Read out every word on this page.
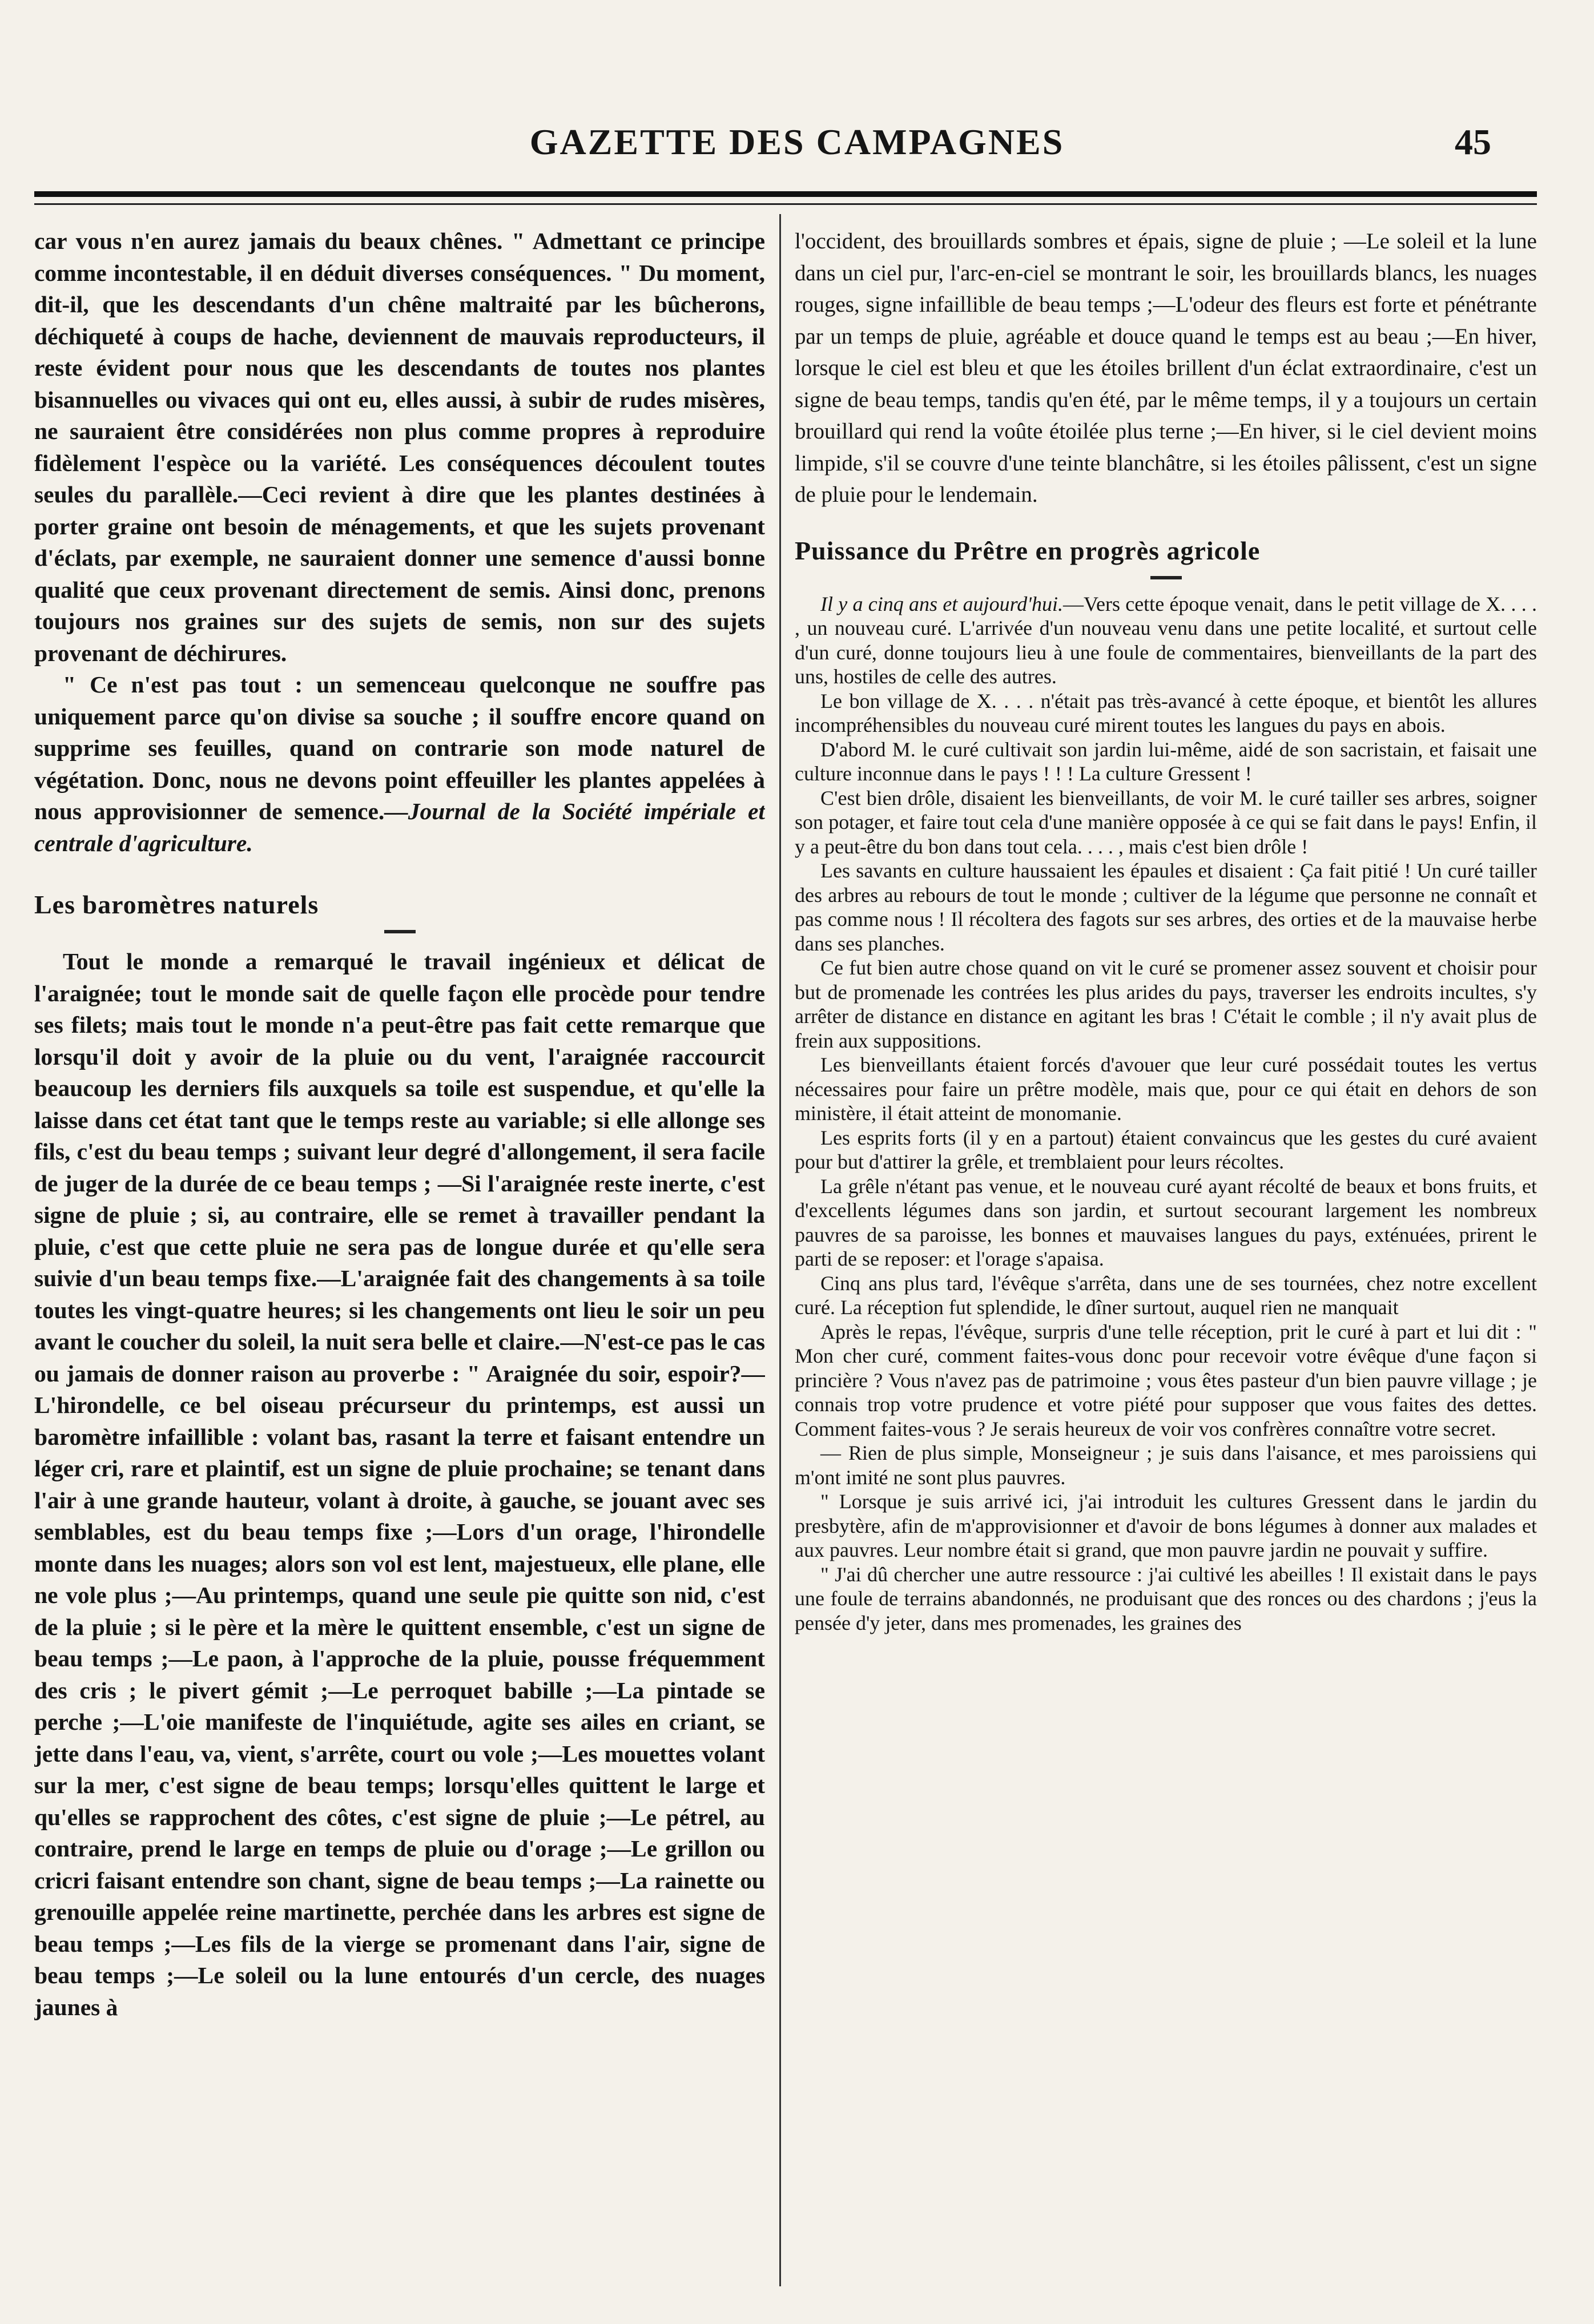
GAZETTE DES CAMPAGNES	45

car vous n'en aurez jamais du beaux chênes. " Admettant ce principe comme incontestable, il en déduit diverses conséquences. " Du moment, dit-il, que les descendants d'un chêne maltraité par les bûcherons, déchiqueté à coups de hache, deviennent de mauvais reproducteurs, il reste évident pour nous que les descendants de toutes nos plantes bisannuelles ou vivaces qui ont eu, elles aussi, à subir de rudes misères, ne sauraient être considérées non plus comme propres à reproduire fidèlement l'espèce ou la variété. Les conséquences découlent toutes seules du parallèle.—Ceci revient à dire que les plantes destinées à porter graine ont besoin de ménagements, et que les sujets provenant d'éclats, par exemple, ne sauraient donner une semence d'aussi bonne qualité que ceux provenant directement de semis. Ainsi donc, prenons toujours nos graines sur des sujets de semis, non sur des sujets provenant de déchirures.

" Ce n'est pas tout : un semenceau quelconque ne souffre pas uniquement parce qu'on divise sa souche ; il souffre encore quand on supprime ses feuilles, quand on contrarie son mode naturel de végétation. Donc, nous ne devons point effeuiller les plantes appelées à nous approvisionner de semence.—Journal de la Société impériale et centrale d'agriculture.

Les baromètres naturels

Tout le monde a remarqué le travail ingénieux et délicat de l'araignée; tout le monde sait de quelle façon elle procède pour tendre ses filets; mais tout le monde n'a peut-être pas fait cette remarque que lorsqu'il doit y avoir de la pluie ou du vent, l'araignée raccourcit beaucoup les derniers fils auxquels sa toile est suspendue, et qu'elle la laisse dans cet état tant que le temps reste au variable; si elle allonge ses fils, c'est du beau temps ; suivant leur degré d'allongement, il sera facile de juger de la durée de ce beau temps ; —Si l'araignée reste inerte, c'est signe de pluie ; si, au contraire, elle se remet à travailler pendant la pluie, c'est que cette pluie ne sera pas de longue durée et qu'elle sera suivie d'un beau temps fixe.—L'araignée fait des changements à sa toile toutes les vingt-quatre heures; si les changements ont lieu le soir un peu avant le coucher du soleil, la nuit sera belle et claire.—N'est-ce pas le cas ou jamais de donner raison au proverbe : " Araignée du soir, espoir?—L'hirondelle, ce bel oiseau précurseur du printemps, est aussi un baromètre infaillible : volant bas, rasant la terre et faisant entendre un léger cri, rare et plaintif, est un signe de pluie prochaine; se tenant dans l'air à une grande hauteur, volant à droite, à gauche, se jouant avec ses semblables, est du beau temps fixe ;—Lors d'un orage, l'hirondelle monte dans les nuages; alors son vol est lent, majestueux, elle plane, elle ne vole plus ;—Au printemps, quand une seule pie quitte son nid, c'est de la pluie ; si le père et la mère le quittent ensemble, c'est un signe de beau temps ;—Le paon, à l'approche de la pluie, pousse fréquemment des cris ; le pivert gémit ;—Le perroquet babille ;—La pintade se perche ;—L'oie manifeste de l'inquiétude, agite ses ailes en criant, se jette dans l'eau, va, vient, s'arrête, court ou vole ;—Les mouettes volant sur la mer, c'est signe de beau temps; lorsqu'elles quittent le large et qu'elles se rapprochent des côtes, c'est signe de pluie ;—Le pétrel, au contraire, prend le large en temps de pluie ou d'orage ;—Le grillon ou cricri faisant entendre son chant, signe de beau temps ;—La rainette ou grenouille appelée reine martinette, perchée dans les arbres est signe de beau temps ;—Les fils de la vierge se promenant dans l'air, signe de beau temps ;—Le soleil ou la lune entourés d'un cercle, des nuages jaunes à

l'occident, des brouillards sombres et épais, signe de pluie ; —Le soleil et la lune dans un ciel pur, l'arc-en-ciel se montrant le soir, les brouillards blancs, les nuages rouges, signe infaillible de beau temps ;—L'odeur des fleurs est forte et pénétrante par un temps de pluie, agréable et douce quand le temps est au beau ;—En hiver, lorsque le ciel est bleu et que les étoiles brillent d'un éclat extraordinaire, c'est un signe de beau temps, tandis qu'en été, par le même temps, il y a toujours un certain brouillard qui rend la voûte étoilée plus terne ;—En hiver, si le ciel devient moins limpide, s'il se couvre d'une teinte blanchâtre, si les étoiles pâlissent, c'est un signe de pluie pour le lendemain.

Puissance du Prêtre en progrès agricole

Il y a cinq ans et aujourd'hui.—Vers cette époque venait, dans le petit village de X. . . . , un nouveau curé. L'arrivée d'un nouveau venu dans une petite localité, et surtout celle d'un curé, donne toujours lieu à une foule de commentaires, bienveillants de la part des uns, hostiles de celle des autres.

Le bon village de X. . . . n'était pas très-avancé à cette époque, et bientôt les allures incompréhensibles du nouveau curé mirent toutes les langues du pays en abois.

D'abord M. le curé cultivait son jardin lui-même, aidé de son sacristain, et faisait une culture inconnue dans le pays ! ! ! La culture Gressent !

C'est bien drôle, disaient les bienveillants, de voir M. le curé tailler ses arbres, soigner son potager, et faire tout cela d'une manière opposée à ce qui se fait dans le pays! Enfin, il y a peut-être du bon dans tout cela. . . . , mais c'est bien drôle !

Les savants en culture haussaient les épaules et disaient : Ça fait pitié ! Un curé tailler des arbres au rebours de tout le monde ; cultiver de la légume que personne ne connaît et pas comme nous ! Il récoltera des fagots sur ses arbres, des orties et de la mauvaise herbe dans ses planches.

Ce fut bien autre chose quand on vit le curé se promener assez souvent et choisir pour but de promenade les contrées les plus arides du pays, traverser les endroits incultes, s'y arrêter de distance en distance en agitant les bras ! C'était le comble ; il n'y avait plus de frein aux suppositions.

Les bienveillants étaient forcés d'avouer que leur curé possédait toutes les vertus nécessaires pour faire un prêtre modèle, mais que, pour ce qui était en dehors de son ministère, il était atteint de monomanie.

Les esprits forts (il y en a partout) étaient convaincus que les gestes du curé avaient pour but d'attirer la grêle, et tremblaient pour leurs récoltes.

La grêle n'étant pas venue, et le nouveau curé ayant récolté de beaux et bons fruits, et d'excellents légumes dans son jardin, et surtout secourant largement les nombreux pauvres de sa paroisse, les bonnes et mauvaises langues du pays, exténuées, prirent le parti de se reposer: et l'orage s'apaisa.

Cinq ans plus tard, l'évêque s'arrêta, dans une de ses tournées, chez notre excellent curé. La réception fut splendide, le dîner surtout, auquel rien ne manquait

Après le repas, l'évêque, surpris d'une telle réception, prit le curé à part et lui dit : " Mon cher curé, comment faites-vous donc pour recevoir votre évêque d'une façon si princière ? Vous n'avez pas de patrimoine ; vous êtes pasteur d'un bien pauvre village ; je connais trop votre prudence et votre piété pour supposer que vous faites des dettes. Comment faites-vous ? Je serais heureux de voir vos confrères connaître votre secret.

— Rien de plus simple, Monseigneur ; je suis dans l'aisance, et mes paroissiens qui m'ont imité ne sont plus pauvres.

" Lorsque je suis arrivé ici, j'ai introduit les cultures Gressent dans le jardin du presbytère, afin de m'approvisionner et d'avoir de bons légumes à donner aux malades et aux pauvres. Leur nombre était si grand, que mon pauvre jardin ne pouvait y suffire.

" J'ai dû chercher une autre ressource : j'ai cultivé les abeilles ! Il existait dans le pays une foule de terrains abandonnés, ne produisant que des ronces ou des chardons ; j'eus la pensée d'y jeter, dans mes promenades, les graines des
